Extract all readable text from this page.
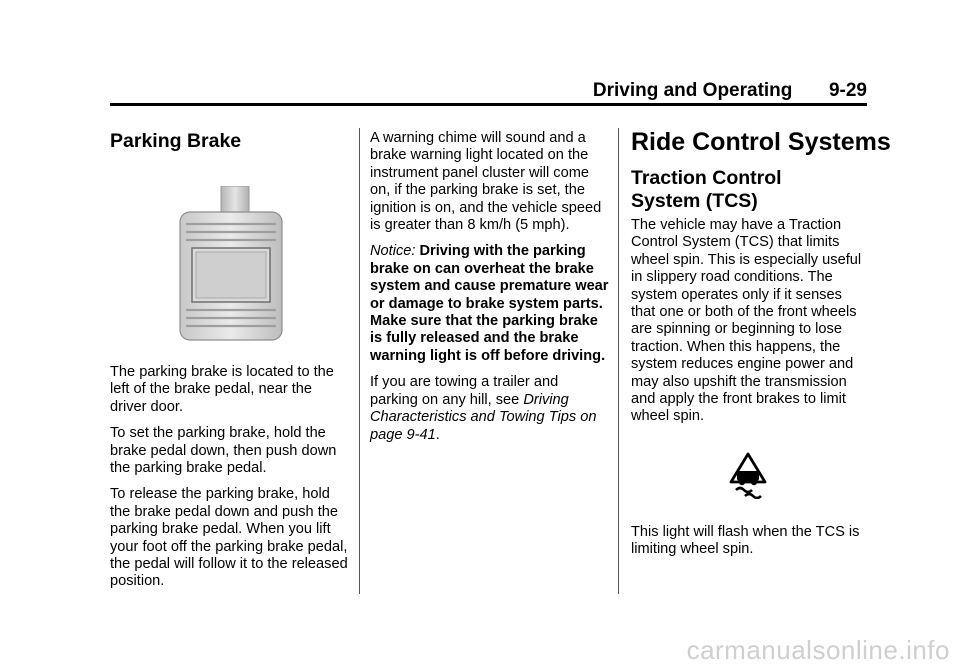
Driving and Operating 9-29
Parking Brake

The parking brake is located to the left of the brake pedal, near the driver door.

To set the parking brake, hold the brake pedal down, then push down the parking brake pedal.

To release the parking brake, hold the brake pedal down and push the parking brake pedal. When you lift your foot off the parking brake pedal, the pedal will follow it to the released position.

A warning chime will sound and a brake warning light located on the instrument panel cluster will come on, if the parking brake is set, the ignition is on, and the vehicle speed is greater than 8 km/h (5 mph).

Notice: Driving with the parking brake on can overheat the brake system and cause premature wear or damage to brake system parts. Make sure that the parking brake is fully released and the brake warning light is off before driving.

If you are towing a trailer and parking on any hill, see Driving Characteristics and Towing Tips on page 9-41.

Ride Control Systems
Traction Control System (TCS)

The vehicle may have a Traction Control System (TCS) that limits wheel spin. This is especially useful in slippery road conditions. The system operates only if it senses that one or both of the front wheels are spinning or beginning to lose traction. When this happens, the system reduces engine power and may also upshift the transmission and apply the front brakes to limit wheel spin.

This light will flash when the TCS is limiting wheel spin.

carmanualsonline.info
